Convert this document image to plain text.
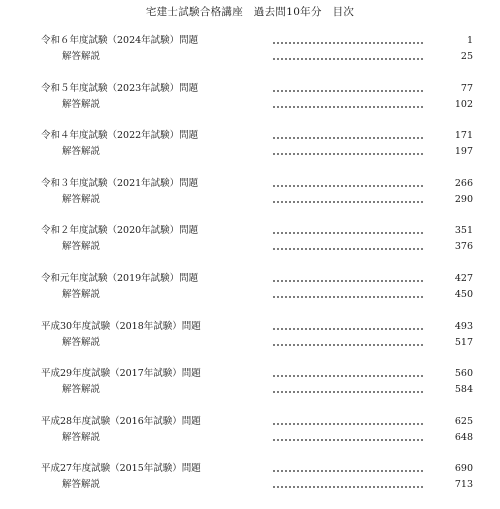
宅建士試験合格講座　過去問10年分　目次
令和６年度試験（2024年試験）問題	1
解答解説	25
令和５年度試験（2023年試験）問題	77
解答解説	102
令和４年度試験（2022年試験）問題	171
解答解説	197
令和３年度試験（2021年試験）問題	266
解答解説	290
令和２年度試験（2020年試験）問題	351
解答解説	376
令和元年度試験（2019年試験）問題	427
解答解説	450
平成30年度試験（2018年試験）問題	493
解答解説	517
平成29年度試験（2017年試験）問題	560
解答解説	584
平成28年度試験（2016年試験）問題	625
解答解説	648
平成27年度試験（2015年試験）問題	690
解答解説	713
